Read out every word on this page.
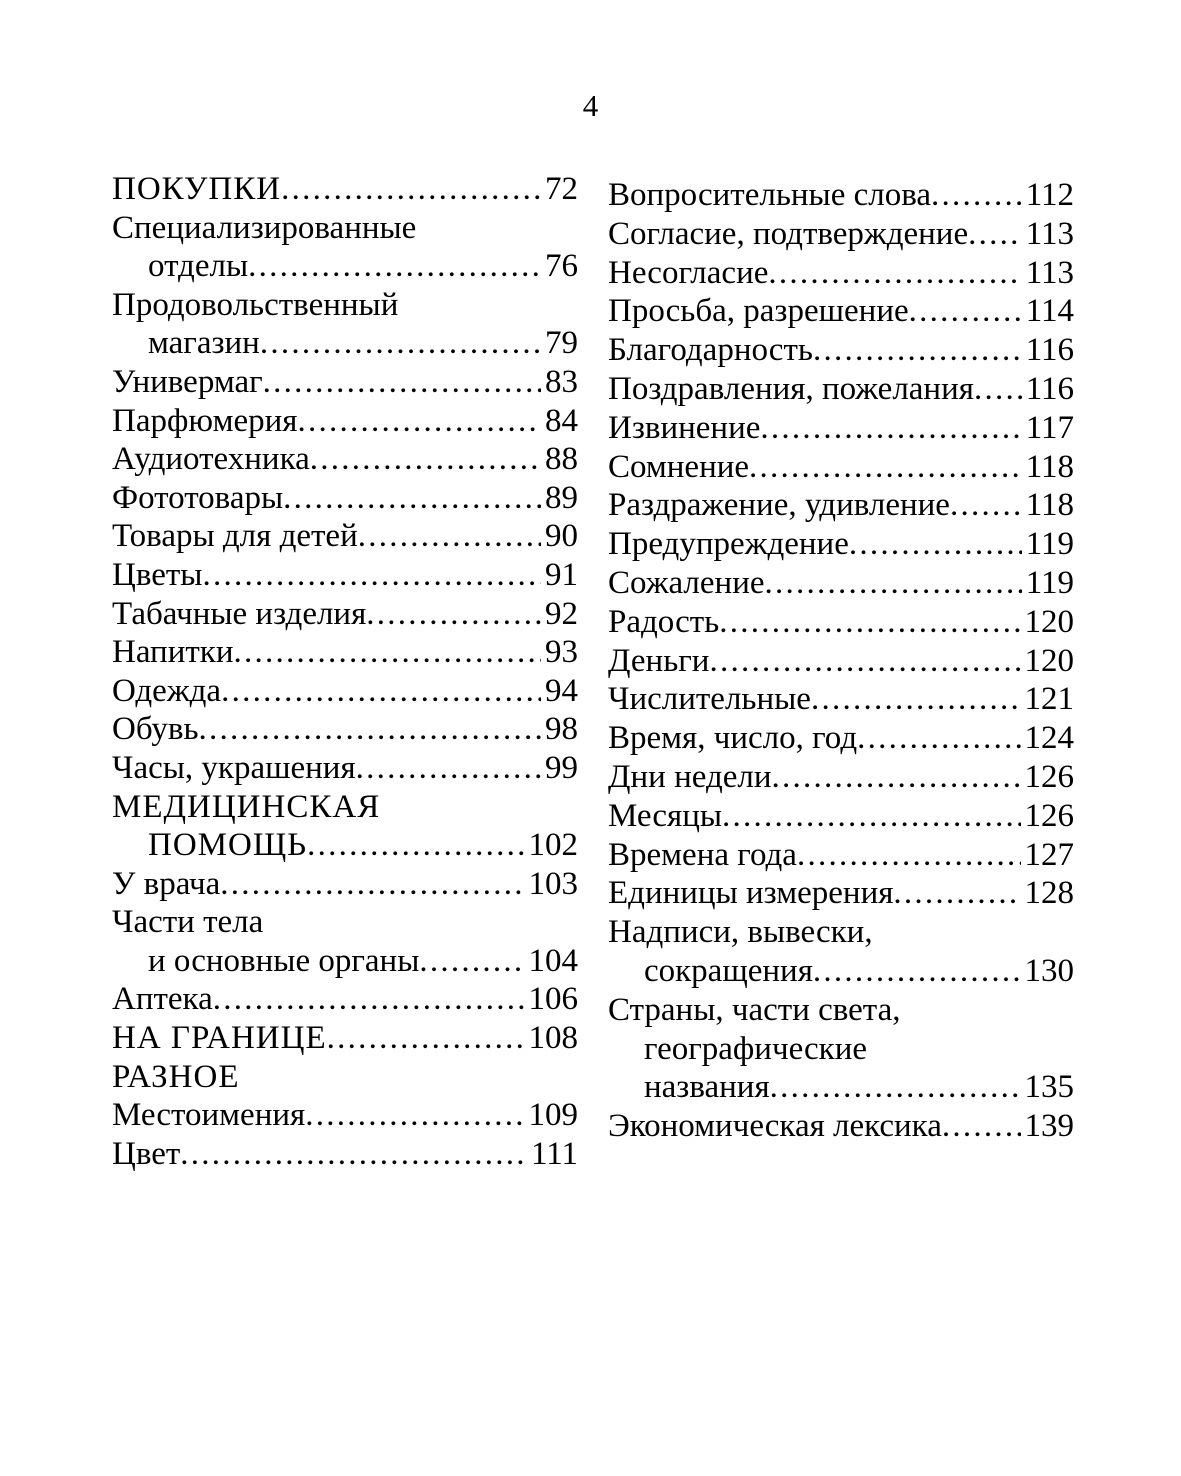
4
ПОКУПКИ . . .	72
Специализированные
отделы . . .	76
Продовольственный
магазин . . .	79
Универмаг . . .	83
Парфюмерия . . .	84
Аудиотехника . . .	88
Фототовары . . .	89
Товары для детей . . .	90
Цветы . . .	91
Табачные изделия . . .	92
Напитки . . .	93
Одежда . . .	94
Обувь . . .	98
Часы, украшения . . .	99
МЕДИЦИНСКАЯ
ПОМОЩЬ . . .	102
У врача . . .	103
Части тела
и основные органы . . .	104
Аптека . . .	106
НА ГРАНИЦЕ . . .	108
РАЗНОЕ
Местоимения . . .	109
Цвет . . .	111
Вопросительные слова . . .	112
Согласие, подтверждение . . . 113
Несогласие . . .	113
Просьба, разрешение . . .	114
Благодарность . . .	116
Поздравления, пожелания . . . 116
Извинение . . .	117
Сомнение . . .	118
Раздражение, удивление . . . 118
Предупреждение . . .	119
Сожаление . . .	119
Радость . . .	120
Деньги . . .	120
Числительные . . .	121
Время, число, год . . .	124
Дни недели . . .	126
Месяцы . . .	126
Времена года . . .	127
Единицы измерения . . .	128
Надписи, вывески,
сокращения . . .	130
Страны, части света,
географические
названия . . .	135
Экономическая лексика . . .	139
